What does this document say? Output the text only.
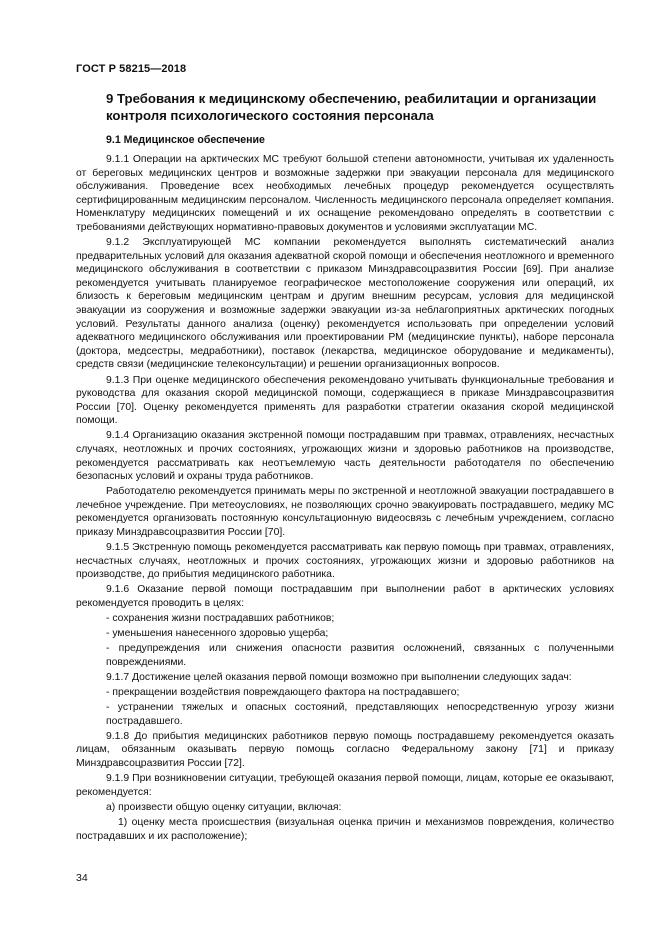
ГОСТ Р 58215—2018
9 Требования к медицинскому обеспечению, реабилитации и организации контроля психологического состояния персонала
9.1 Медицинское обеспечение

9.1.1 Операции на арктических МС требуют большой степени автономности, учитывая их удаленность от береговых медицинских центров и возможные задержки при эвакуации персонала для медицинского обслуживания. Проведение всех необходимых лечебных процедур рекомендуется осуществлять сертифицированным медицинским персоналом. Численность медицинского персонала определяет компания. Номенклатуру медицинских помещений и их оснащение рекомендовано определять в соответствии с требованиями действующих нормативно-правовых документов и условиями эксплуатации МС.

9.1.2 Эксплуатирующей МС компании рекомендуется выполнять систематический анализ предварительных условий для оказания адекватной скорой помощи и обеспечения неотложного и временного медицинского обслуживания в соответствии с приказом Минздравсоцразвития России [69]. При анализе рекомендуется учитывать планируемое географическое местоположение сооружения или операций, их близость к береговым медицинским центрам и другим внешним ресурсам, условия для медицинской эвакуации из сооружения и возможные задержки эвакуации из-за неблагоприятных арктических погодных условий. Результаты данного анализа (оценку) рекомендуется использовать при определении условий адекватного медицинского обслуживания или проектировании РМ (медицинские пункты), наборе персонала (доктора, медсестры, медработники), поставок (лекарства, медицинское оборудование и медикаменты), средств связи (медицинские телеконсультации) и решении организационных вопросов.

9.1.3 При оценке медицинского обеспечения рекомендовано учитывать функциональные требования и руководства для оказания скорой медицинской помощи, содержащиеся в приказе Минздравсоцразвития России [70]. Оценку рекомендуется применять для разработки стратегии оказания скорой медицинской помощи.

9.1.4 Организацию оказания экстренной помощи пострадавшим при травмах, отравлениях, несчастных случаях, неотложных и прочих состояниях, угрожающих жизни и здоровью работников на производстве, рекомендуется рассматривать как неотъемлемую часть деятельности работодателя по обеспечению безопасных условий и охраны труда работников.

Работодателю рекомендуется принимать меры по экстренной и неотложной эвакуации пострадавшего в лечебное учреждение. При метеоусловиях, не позволяющих срочно эвакуировать пострадавшего, медику МС рекомендуется организовать постоянную консультационную видеосвязь с лечебным учреждением, согласно приказу Минздравсоцразвития России [70].

9.1.5 Экстренную помощь рекомендуется рассматривать как первую помощь при травмах, отравлениях, несчастных случаях, неотложных и прочих состояниях, угрожающих жизни и здоровью работников на производстве, до прибытия медицинского работника.

9.1.6 Оказание первой помощи пострадавшим при выполнении работ в арктических условиях рекомендуется проводить в целях:

- сохранения жизни пострадавших работников;

- уменьшения нанесенного здоровью ущерба;

- предупреждения или снижения опасности развития осложнений, связанных с полученными повреждениями.

9.1.7 Достижение целей оказания первой помощи возможно при выполнении следующих задач:

- прекращении воздействия повреждающего фактора на пострадавшего;

- устранении тяжелых и опасных состояний, представляющих непосредственную угрозу жизни пострадавшего.

9.1.8 До прибытия медицинских работников первую помощь пострадавшему рекомендуется оказать лицам, обязанным оказывать первую помощь согласно Федеральному закону [71] и приказу Минздравсоцразвития России [72].

9.1.9 При возникновении ситуации, требующей оказания первой помощи, лицам, которые ее оказывают, рекомендуется:

а) произвести общую оценку ситуации, включая:

1) оценку места происшествия (визуальная оценка причин и механизмов повреждения, количество пострадавших и их расположение);

34
